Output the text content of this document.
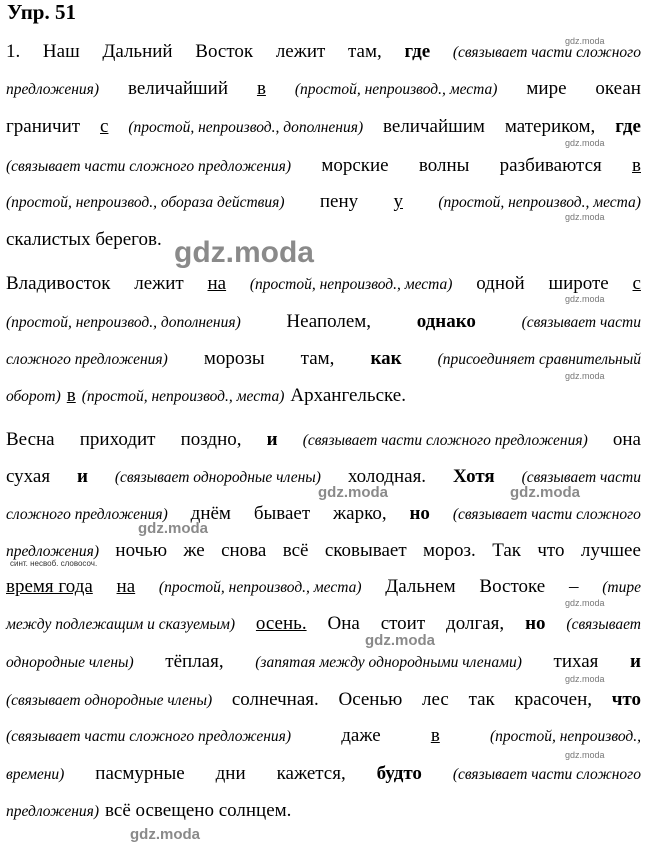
Упр. 51
1. Наш Дальний Восток лежит там, где (связывает части сложного
предложения) величайший в (простой, непроизвод., места) мире океан
граничит с (простой, непроизвод., дополнения) величайшим материком, где
(связывает части сложного предложения) морские волны разбиваются в
(простой, непроизвод., обораза действия) пену у (простой, непроизвод., места)
скалистых берегов.
Владивосток лежит на (простой, непроизвод., места) одной широте с
(простой, непроизвод., дополнения) Неаполем, однако	(связывает части
сложного предложения) морозы там, как (присоединяет сравнительный
оборот) в (простой, непроизвод., места) Архангельске.
Весна приходит поздно, и (связывает части сложного предложения) она
сухая и (связывает однородные члены) холодная. Хотя (связывает части
сложного предложения) днём бывает жарко, но (связывает части сложного
предложения) ночью же снова всё сковывает мороз. Так что лучшее
время года на (простой, непроизвод., места) Дальнем Востоке – (тире
между подлежащим и сказуемым) осень. Она стоит долгая, но (связывает
однородные члены) тёплая, (запятая между однородными членами) тихая и
(связывает однородные члены) солнечная. Осенью лес так красочен, что
(связывает части сложного предложения)	даже	в	(простой, непроизвод.,
времени) пасмурные дни кажется, будто (связывает части сложного
предложения) всё освещено солнцем.
синт. несвоб. словосоч.
gdz.moda
gdz.moda
gdz.moda
gdz.moda
gdz.moda
gdz.moda
gdz.moda
gdz.moda
gdz.moda
gdz.moda	gdz.moda
gdz.moda
gdz.moda
gdz.moda
